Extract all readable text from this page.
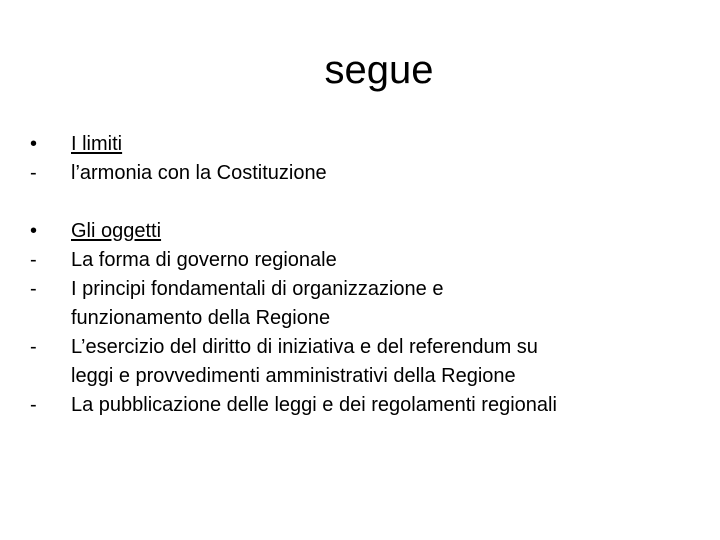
segue
•	I limiti
-	l’armonia con la Costituzione
•	Gli oggetti
-	La forma di governo regionale
-	I principi fondamentali di organizzazione e
funzionamento della Regione
-	L’esercizio del diritto di iniziativa e del referendum su
leggi e provvedimenti amministrativi della Regione
-	La pubblicazione delle leggi e dei regolamenti regionali
